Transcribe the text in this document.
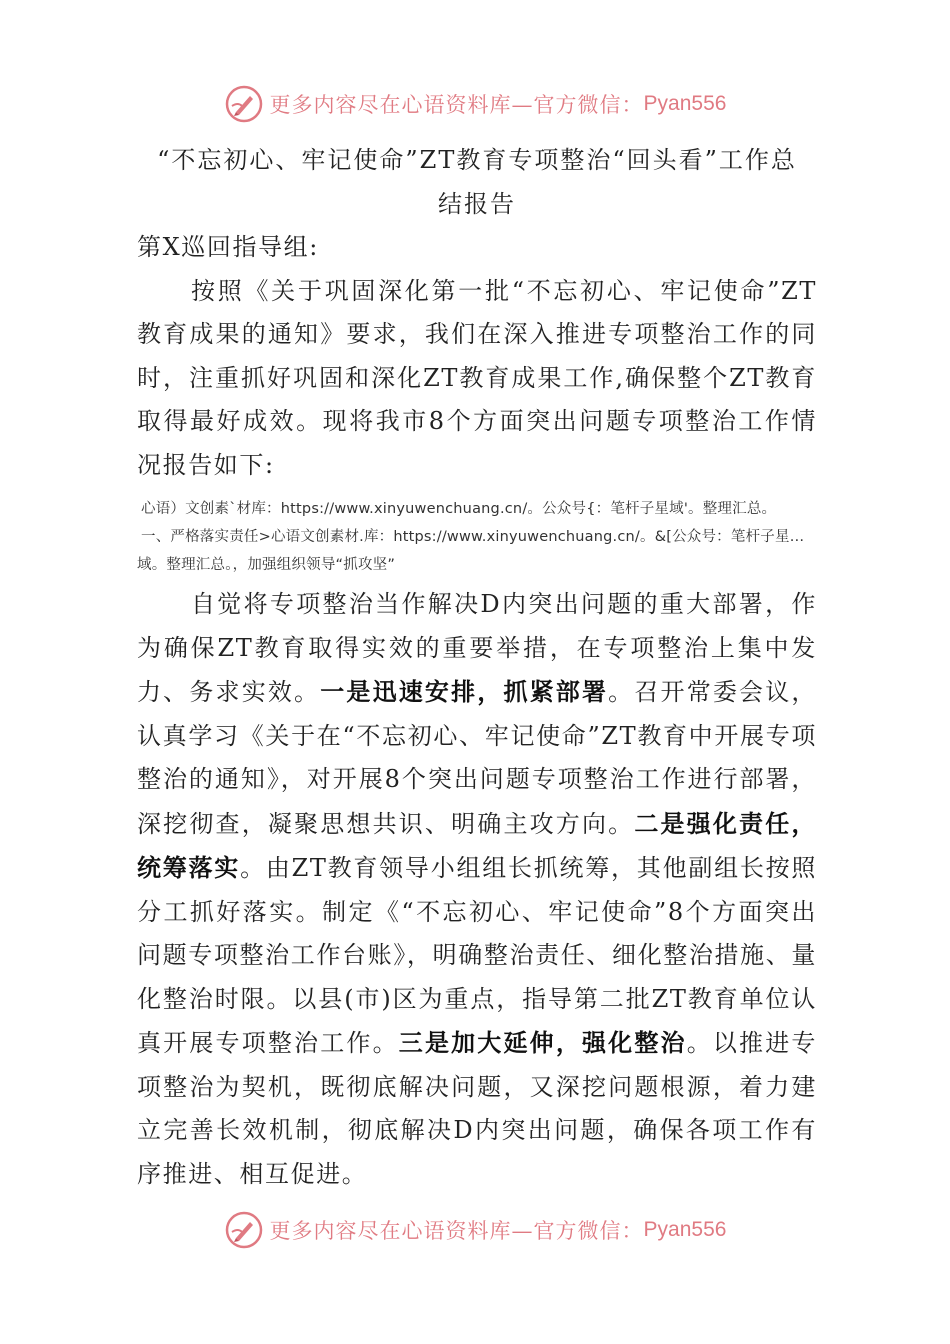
更多内容尽在心语资料库—官方微信： Pyan556

“不忘初心、牢记使命”ZT教育专项整治“回头看”工作总

结报告

第X巡回指导组:

按照《关于巩固深化第一批“不忘初心、牢记使命”ZT教育成果的通知》要求，我们在深入推进专项整治工作的同时，注重抓好巩固和深化ZT教育成果工作,确保整个ZT教育取得最好成效。现将我市8个方面突出问题专项整治工作情况报告如下:

心语）文创素`材库：https://www.xinyuwenchuang.cn/。公众号{：笔杆子星域'。整理汇总。

一、严格落实责任>心语文创素材.库：https://www.xinyuwenchuang.cn/。&[公众号：笔杆子星…域。整理汇总。，加强组织领导“抓攻坚”

自觉将专项整治当作解决D内突出问题的重大部署，作为确保ZT教育取得实效的重要举措，在专项整治上集中发力、务求实效。一是迅速安排，抓紧部署。召开常委会议，认真学习《关于在“不忘初心、牢记使命”ZT教育中开展专项整治的通知》，对开展8个突出问题专项整治工作进行部署，深挖彻查，凝聚思想共识、明确主攻方向。二是强化责任，统筹落实。由ZT教育领导小组组长抓统筹，其他副组长按照分工抓好落实。制定《“不忘初心、牢记使命”8个方面突出问题专项整治工作台账》，明确整治责任、细化整治措施、量化整治时限。以县(市)区为重点，指导第二批ZT教育单位认真开展专项整治工作。三是加大延伸，强化整治。以推进专项整治为契机，既彻底解决问题，又深挖问题根源，着力建立完善长效机制，彻底解决D内突出问题，确保各项工作有序推进、相互促进。

更多内容尽在心语资料库—官方微信： Pyan556
